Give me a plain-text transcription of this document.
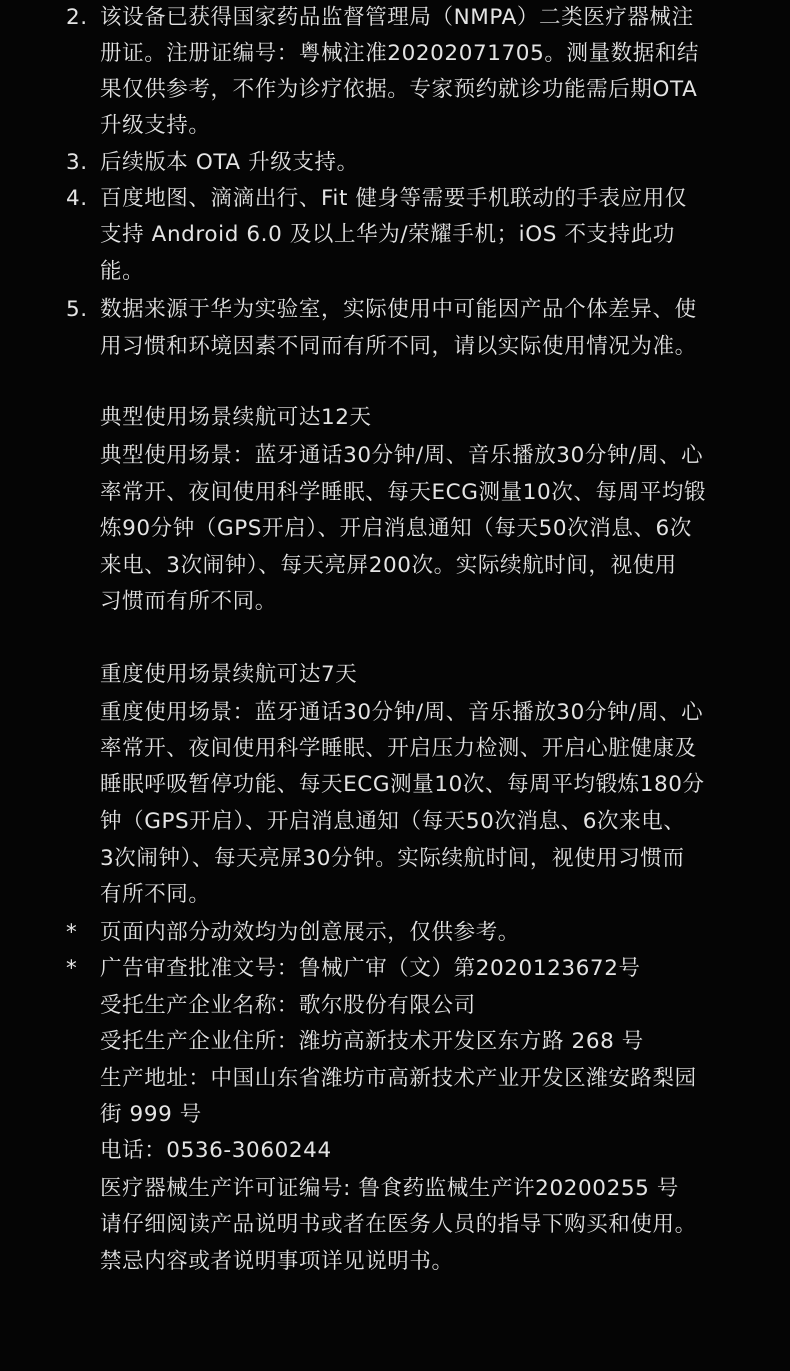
2. 该设备已获得国家药品监督管理局（NMPA）二类医疗器械注
册证。注册证编号：粤械注准20202071705。测量数据和结
果仅供参考，不作为诊疗依据。专家预约就诊功能需后期OTA
升级支持。
3. 后续版本 OTA 升级支持。
4. 百度地图、滴滴出行、Fit 健身等需要手机联动的手表应用仅
支持 Android 6.0 及以上华为/荣耀手机；iOS 不支持此功
能。
5. 数据来源于华为实验室，实际使用中可能因产品个体差异、使
用习惯和环境因素不同而有所不同，请以实际使用情况为准。
典型使用场景续航可达12天
典型使用场景：蓝牙通话30分钟/周、音乐播放30分钟/周、心
率常开、夜间使用科学睡眠、每天ECG测量10次、每周平均锻
炼90分钟（GPS开启）、开启消息通知（每天50次消息、6次
来电、3次闹钟）、每天亮屏200次。实际续航时间，视使用
习惯而有所不同。
重度使用场景续航可达7天
重度使用场景：蓝牙通话30分钟/周、音乐播放30分钟/周、心
率常开、夜间使用科学睡眠、开启压力检测、开启心脏健康及
睡眠呼吸暂停功能、每天ECG测量10次、每周平均锻炼180分
钟（GPS开启）、开启消息通知（每天50次消息、6次来电、
3次闹钟）、每天亮屏30分钟。实际续航时间，视使用习惯而
有所不同。
*	页面内部分动效均为创意展示，仅供参考。
*	广告审查批准文号：鲁械广审（文）第2020123672号
受托生产企业名称：歌尔股份有限公司
受托生产企业住所：潍坊高新技术开发区东方路 268 号
生产地址：中国山东省潍坊市高新技术产业开发区潍安路梨园
街 999 号
电话：0536-3060244
医疗器械生产许可证编号: 鲁食药监械生产许20200255 号
请仔细阅读产品说明书或者在医务人员的指导下购买和使用。
禁忌内容或者说明事项详见说明书。
